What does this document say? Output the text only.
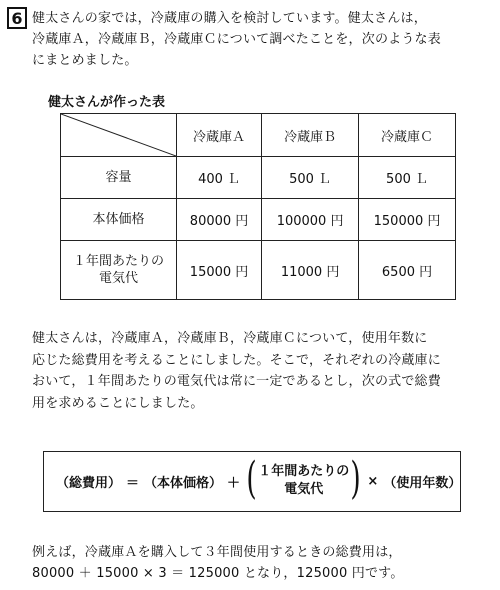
6 健太さんの家では，冷蔵庫の購入を検討しています。健太さんは，
冷蔵庫Ａ，冷蔵庫Ｂ，冷蔵庫Ｃについて調べたことを，次のような表
にまとめました。
健太さんが作った表
	冷蔵庫Ａ	冷蔵庫Ｂ	冷蔵庫Ｃ

容量	400 Ｌ	500 Ｌ	500 Ｌ

本体価格	80000 円	100000 円	150000 円

１年間あたりの
電気代	15000 円	11000 円	6500 円
健太さんは，冷蔵庫Ａ，冷蔵庫Ｂ，冷蔵庫Ｃについて，使用年数に
応じた総費用を考えることにしました。そこで，それぞれの冷蔵庫に
おいて，１年間あたりの電気代は常に一定であるとし，次の式で総費
用を求めることにしました。
（総費用） ＝ （本体価格） ＋ ( １年間あたりの
電気代 ) × （使用年数）
例えば，冷蔵庫Ａを購入して３年間使用するときの総費用は，
80000 ＋ 15000 × 3 ＝ 125000 となり，125000 円です。
